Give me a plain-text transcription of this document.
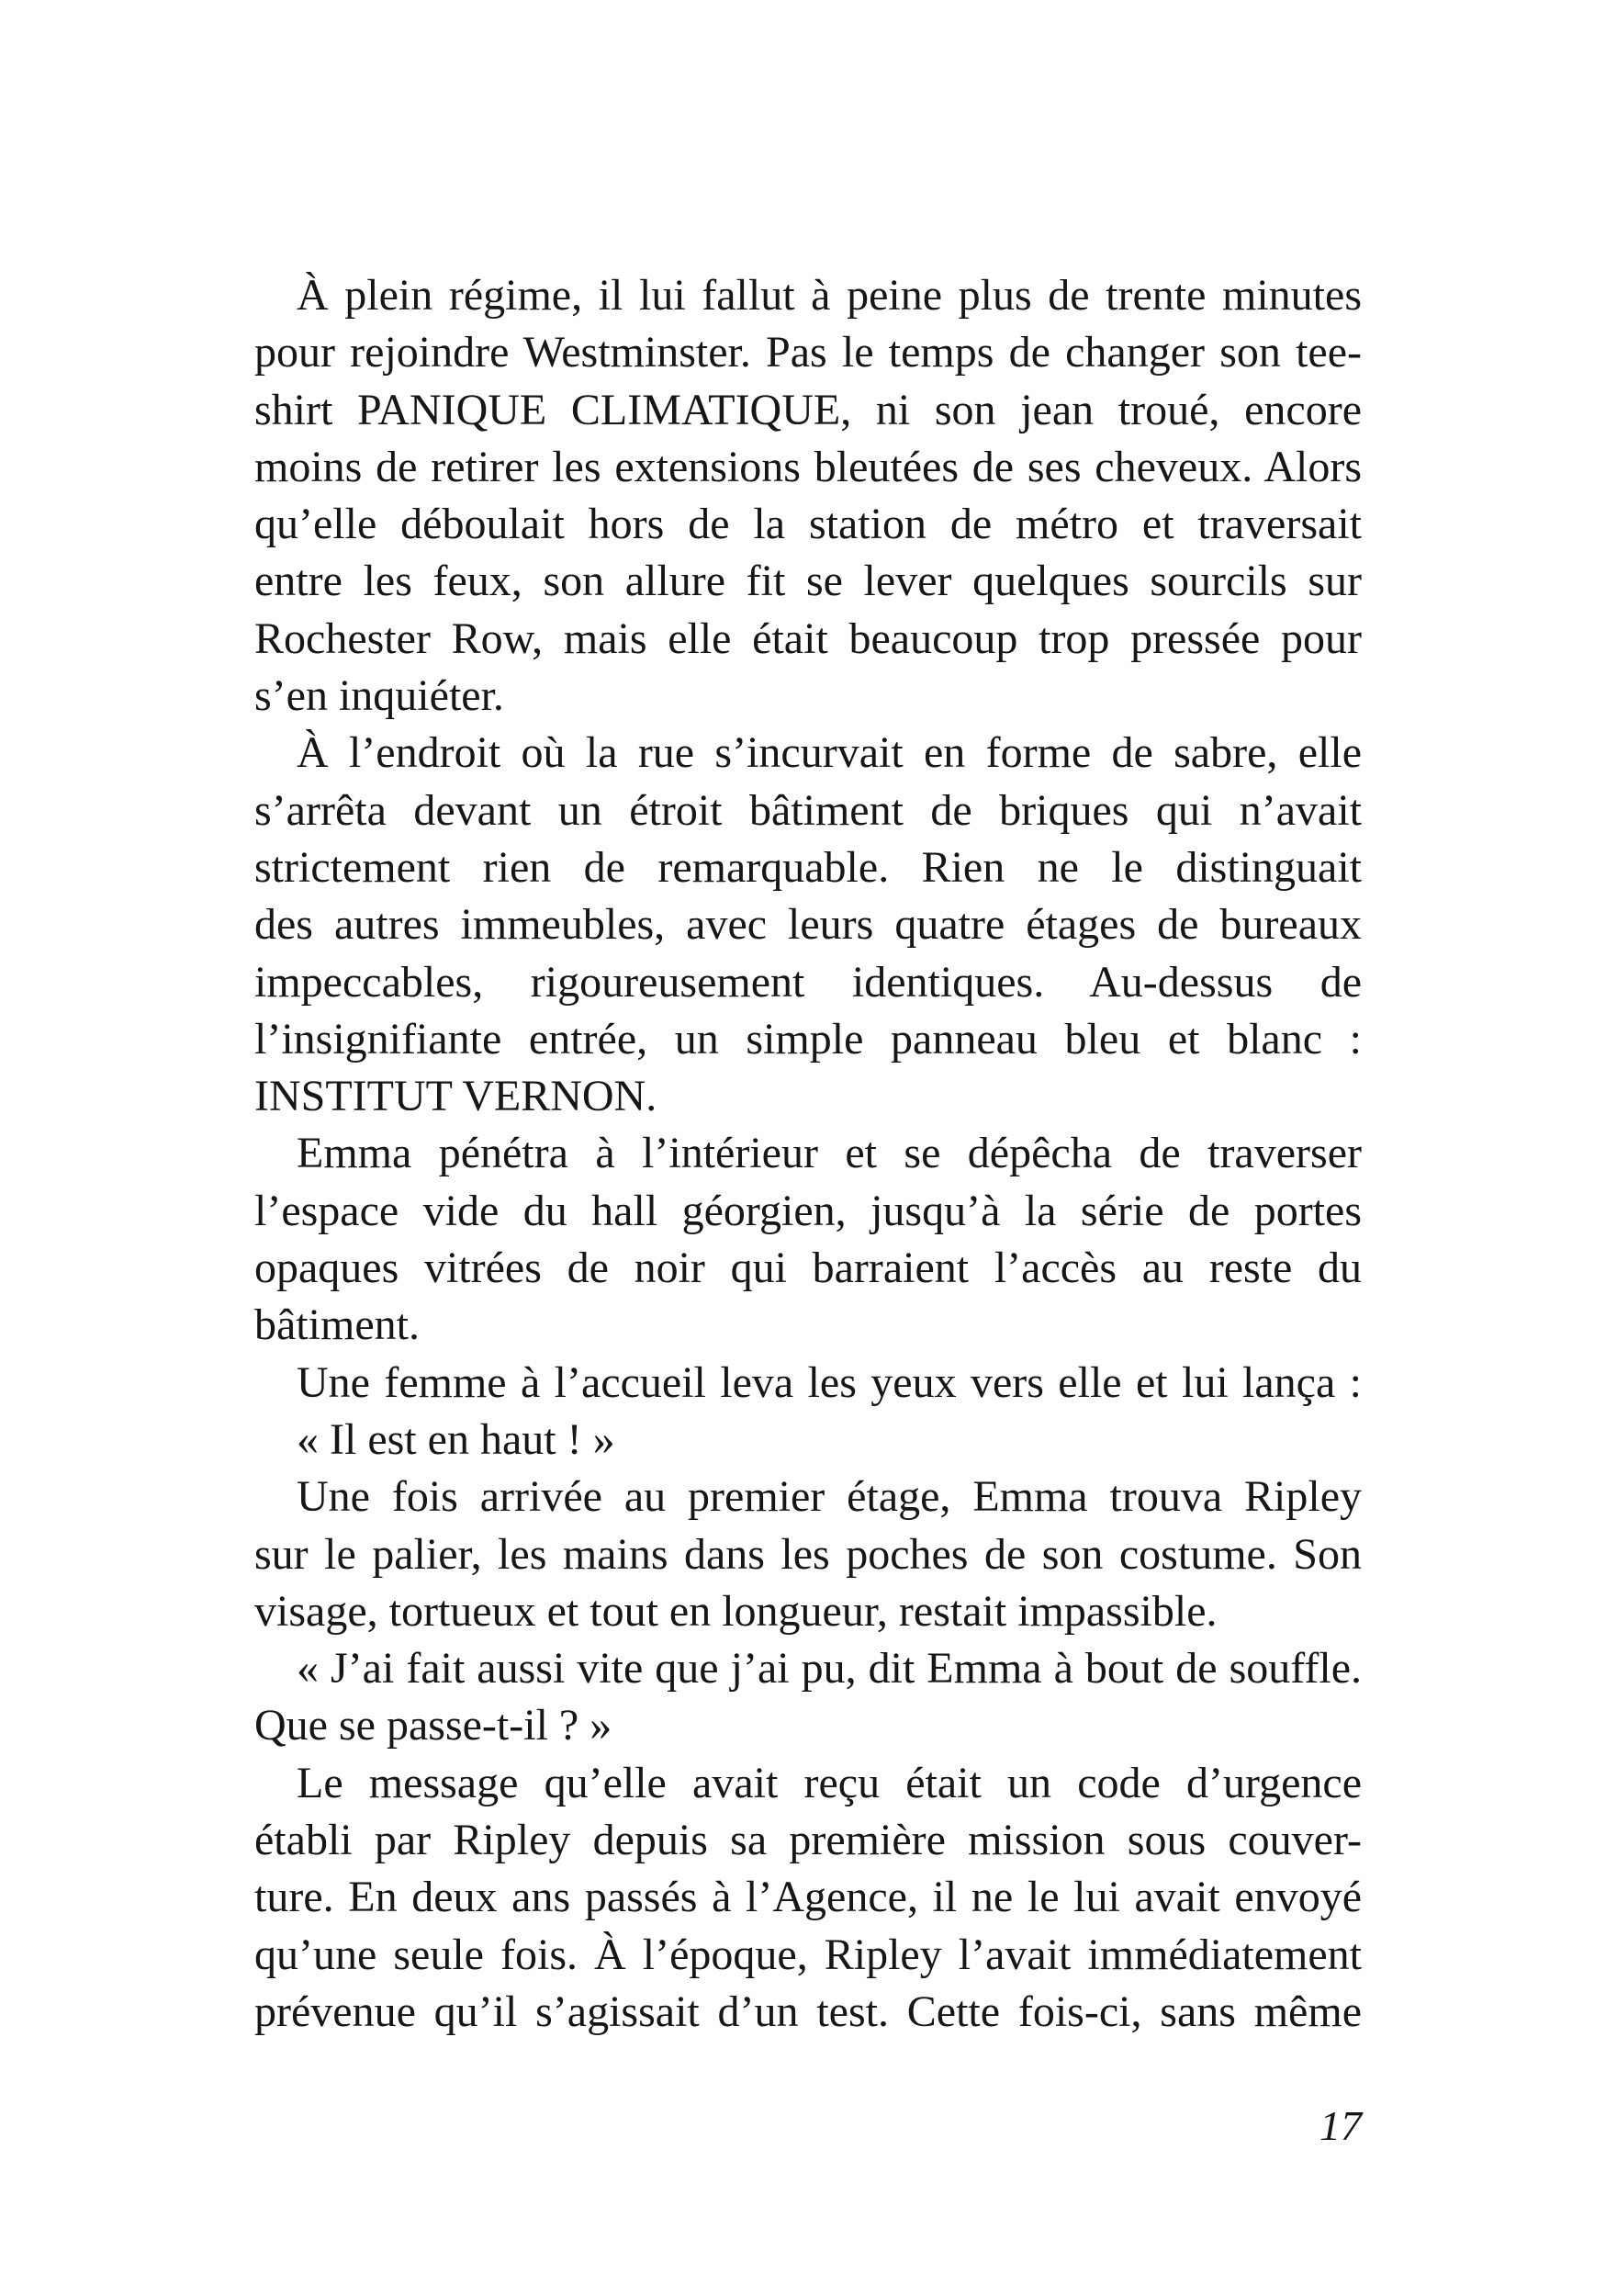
À plein régime, il lui fallut à peine plus de trente minutes
pour rejoindre Westminster. Pas le temps de changer son tee-
shirt PANIQUE CLIMATIQUE, ni son jean troué, encore
moins de retirer les extensions bleutées de ses cheveux. Alors
qu’elle déboulait hors de la station de métro et traversait
entre les feux, son allure fit se lever quelques sourcils sur
Rochester Row, mais elle était beaucoup trop pressée pour
s’en inquiéter.
À l’endroit où la rue s’incurvait en forme de sabre, elle
s’arrêta devant un étroit bâtiment de briques qui n’avait
strictement rien de remarquable. Rien ne le distinguait
des autres immeubles, avec leurs quatre étages de bureaux
impeccables, rigoureusement identiques. Au-dessus de
l’insignifiante entrée, un simple panneau bleu et blanc :
INSTITUT VERNON.
Emma pénétra à l’intérieur et se dépêcha de traverser
l’espace vide du hall géorgien, jusqu’à la série de portes
opaques vitrées de noir qui barraient l’accès au reste du
bâtiment.
Une femme à l’accueil leva les yeux vers elle et lui lança :
« Il est en haut ! »
Une fois arrivée au premier étage, Emma trouva Ripley
sur le palier, les mains dans les poches de son costume. Son
visage, tortueux et tout en longueur, restait impassible.
« J’ai fait aussi vite que j’ai pu, dit Emma à bout de souffle.
Que se passe-t-il ? »
Le message qu’elle avait reçu était un code d’urgence
établi par Ripley depuis sa première mission sous couver-
ture. En deux ans passés à l’Agence, il ne le lui avait envoyé
qu’une seule fois. À l’époque, Ripley l’avait immédiatement
prévenue qu’il s’agissait d’un test. Cette fois-ci, sans même
17
